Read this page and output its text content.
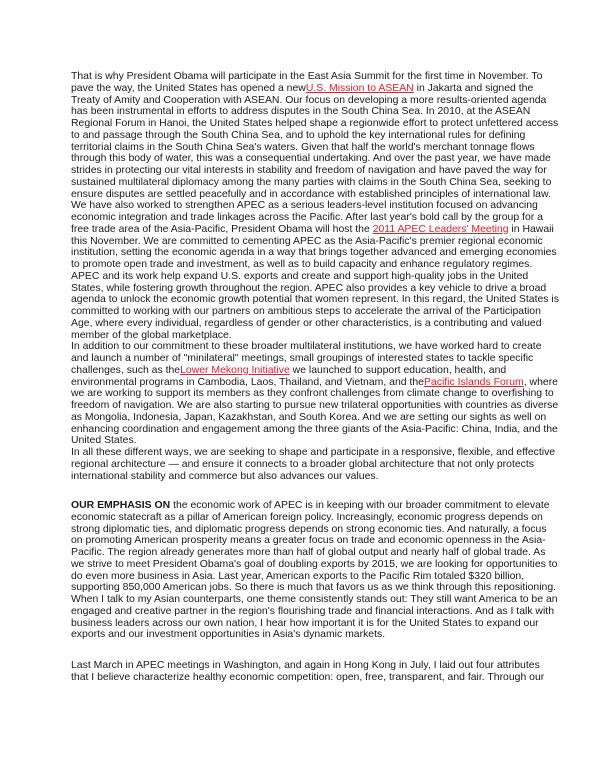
That is why President Obama will participate in the East Asia Summit for the first time in November. To
pave the way, the United States has opened a newU.S. Mission to ASEAN in Jakarta and signed the
Treaty of Amity and Cooperation with ASEAN. Our focus on developing a more results-oriented agenda
has been instrumental in efforts to address disputes in the South China Sea. In 2010, at the ASEAN
Regional Forum in Hanoi, the United States helped shape a regionwide effort to protect unfettered access
to and passage through the South China Sea, and to uphold the key international rules for defining
territorial claims in the South China Sea's waters. Given that half the world's merchant tonnage flows
through this body of water, this was a consequential undertaking. And over the past year, we have made
strides in protecting our vital interests in stability and freedom of navigation and have paved the way for
sustained multilateral diplomacy among the many parties with claims in the South China Sea, seeking to
ensure disputes are settled peacefully and in accordance with established principles of international law.
We have also worked to strengthen APEC as a serious leaders-level institution focused on advancing
economic integration and trade linkages across the Pacific. After last year's bold call by the group for a
free trade area of the Asia-Pacific, President Obama will host the 2011 APEC Leaders' Meeting in Hawaii
this November. We are committed to cementing APEC as the Asia-Pacific's premier regional economic
institution, setting the economic agenda in a way that brings together advanced and emerging economies
to promote open trade and investment, as well as to build capacity and enhance regulatory regimes.
APEC and its work help expand U.S. exports and create and support high-quality jobs in the United
States, while fostering growth throughout the region. APEC also provides a key vehicle to drive a broad
agenda to unlock the economic growth potential that women represent. In this regard, the United States is
committed to working with our partners on ambitious steps to accelerate the arrival of the Participation
Age, where every individual, regardless of gender or other characteristics, is a contributing and valued
member of the global marketplace.
In addition to our commitment to these broader multilateral institutions, we have worked hard to create
and launch a number of "minilateral" meetings, small groupings of interested states to tackle specific
challenges, such as theLower Mekong Initiative we launched to support education, health, and
environmental programs in Cambodia, Laos, Thailand, and Vietnam, and thePacific Islands Forum, where
we are working to support its members as they confront challenges from climate change to overfishing to
freedom of navigation. We are also starting to pursue new trilateral opportunities with countries as diverse
as Mongolia, Indonesia, Japan, Kazakhstan, and South Korea. And we are setting our sights as well on
enhancing coordination and engagement among the three giants of the Asia-Pacific: China, India, and the
United States.
In all these different ways, we are seeking to shape and participate in a responsive, flexible, and effective
regional architecture — and ensure it connects to a broader global architecture that not only protects
international stability and commerce but also advances our values.
OUR EMPHASIS ON the economic work of APEC is in keeping with our broader commitment to elevate
economic statecraft as a pillar of American foreign policy. Increasingly, economic progress depends on
strong diplomatic ties, and diplomatic progress depends on strong economic ties. And naturally, a focus
on promoting American prosperity means a greater focus on trade and economic openness in the Asia-
Pacific. The region already generates more than half of global output and nearly half of global trade. As
we strive to meet President Obama's goal of doubling exports by 2015, we are looking for opportunities to
do even more business in Asia. Last year, American exports to the Pacific Rim totaled $320 billion,
supporting 850,000 American jobs. So there is much that favors us as we think through this repositioning.
When I talk to my Asian counterparts, one theme consistently stands out: They still want America to be an
engaged and creative partner in the region's flourishing trade and financial interactions. And as I talk with
business leaders across our own nation, I hear how important it is for the United States to expand our
exports and our investment opportunities in Asia's dynamic markets.
Last March in APEC meetings in Washington, and again in Hong Kong in July, I laid out four attributes
that I believe characterize healthy economic competition: open, free, transparent, and fair. Through our
